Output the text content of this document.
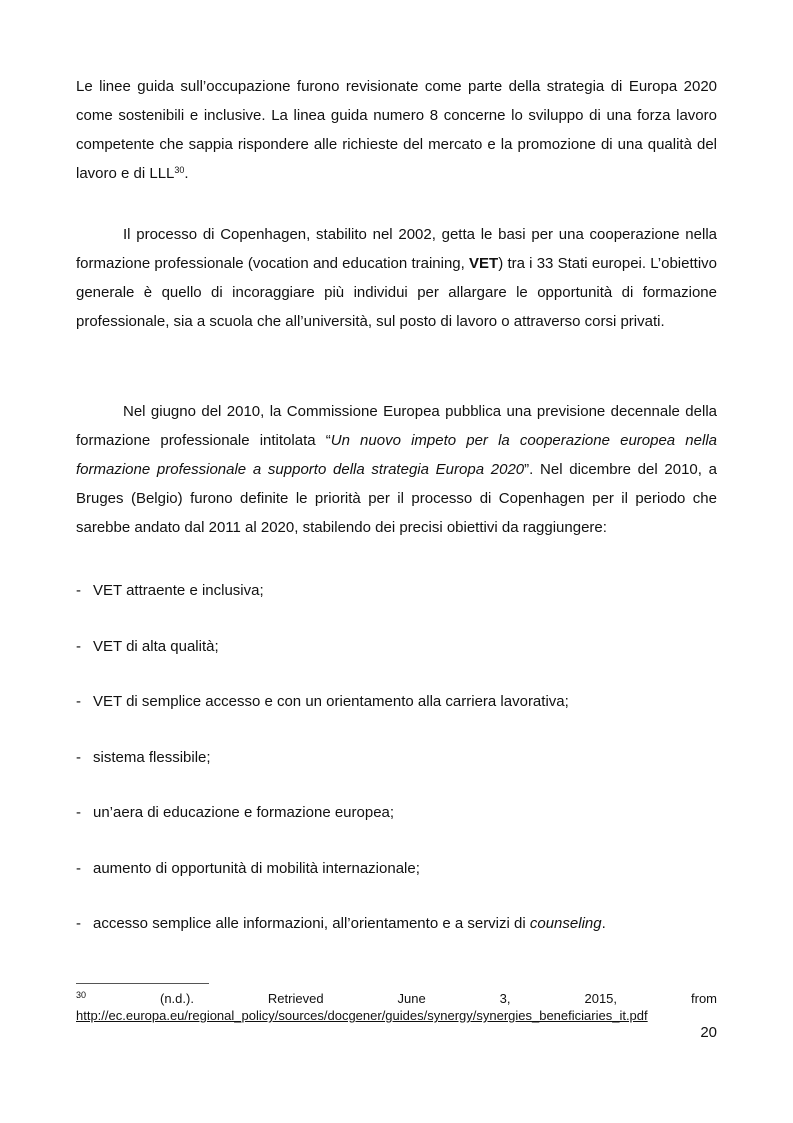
Le linee guida sull’occupazione furono revisionate come parte della strategia di Europa 2020 come sostenibili e inclusive. La linea guida numero 8 concerne lo sviluppo di una forza lavoro competente che sappia rispondere alle richieste del mercato e la promozione di una qualità del lavoro e di LLL$^{30}$.

Il processo di Copenhagen, stabilito nel 2002, getta le basi per una cooperazione nella formazione professionale (vocation and education training, VET) tra i 33 Stati europei. L’obiettivo generale è quello di incoraggiare più individui per allargare le opportunità di formazione professionale, sia a scuola che all’università, sul posto di lavoro o attraverso corsi privati.

Nel giugno del 2010, la Commissione Europea pubblica una previsione decennale della formazione professionale intitolata “Un nuovo impeto per la cooperazione europea nella formazione professionale a supporto della strategia Europa 2020”. Nel dicembre del 2010, a Bruges (Belgio) furono definite le priorità per il processo di Copenhagen per il periodo che sarebbe andato dal 2011 al 2020, stabilendo dei precisi obiettivi da raggiungere:

- VET attraente e inclusiva;
- VET di alta qualità;
- VET di semplice accesso e con un orientamento alla carriera lavorativa;
- sistema flessibile;
- un’aera di educazione e formazione europea;
- aumento di opportunità di mobilità internazionale;
- accesso semplice alle informazioni, all’orientamento e a servizi di counseling.

$^{30}$ (n.d.). Retrieved June 3, 2015, from http://ec.europa.eu/regional_policy/sources/docgener/guides/synergy/synergies_beneficiaries_it.pdf

20
